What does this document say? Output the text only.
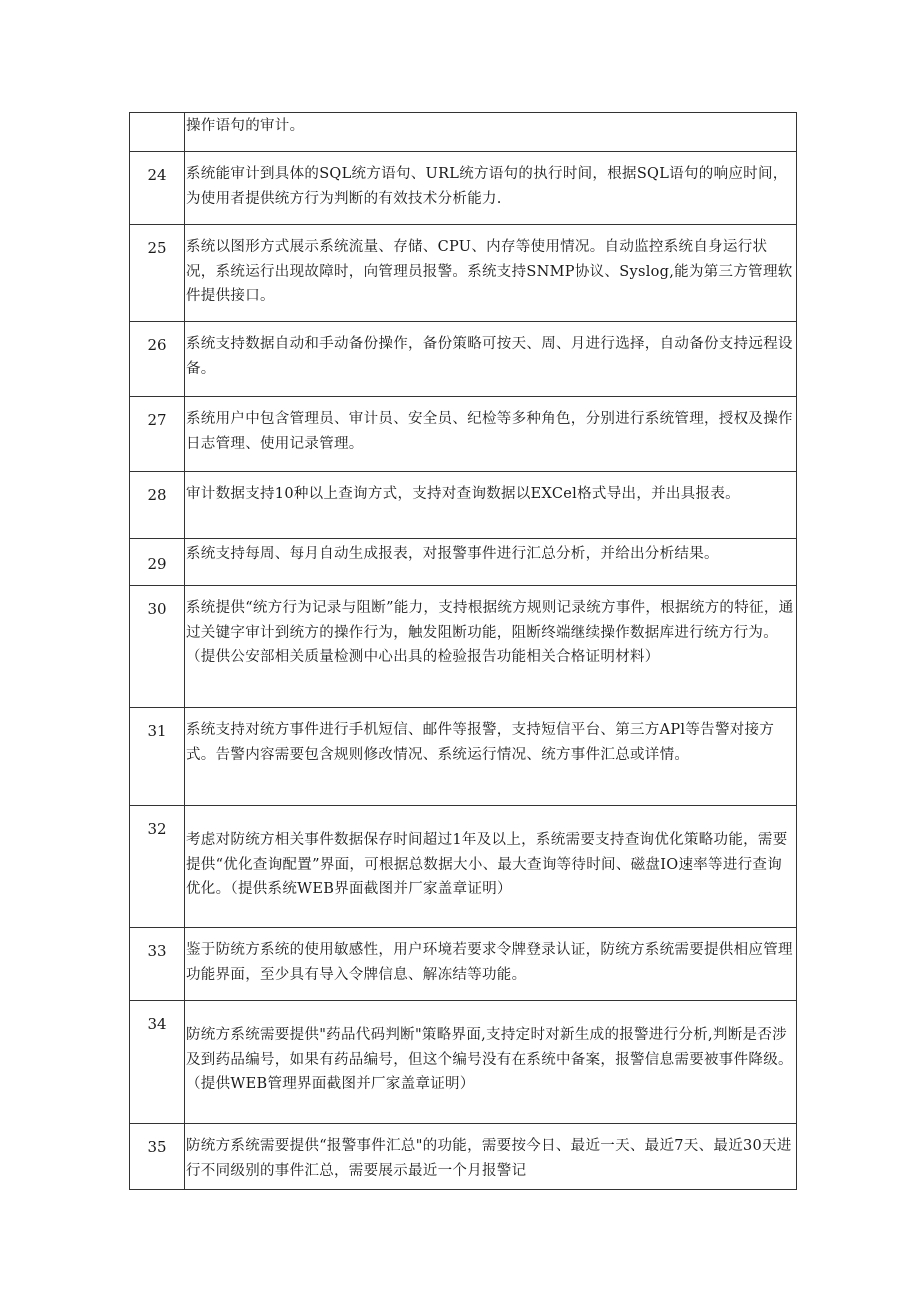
	操作语句的审计。
24	系统能审计到具体的SQL统方语句、URL统方语句的执行时间，根据SQL语句的响应时间，为使用者提供统方行为判断的有效技术分析能力.
25	系统以图形方式展示系统流量、存储、CPU、内存等使用情况。自动监控系统自身运行状况，系统运行出现故障时，向管理员报警。系统支持SNMP协议、Syslog,能为第三方管理软件提供接口。
26	系统支持数据自动和手动备份操作，备份策略可按天、周、月进行选择，自动备份支持远程设备。
27	系统用户中包含管理员、审计员、安全员、纪检等多种角色，分别进行系统管理，授权及操作日志管理、使用记录管理。
28	审计数据支持10种以上查询方式，支持对查询数据以EXCel格式导出，并出具报表。
29	系统支持每周、每月自动生成报表，对报警事件进行汇总分析，并给出分析结果。
30	系统提供“统方行为记录与阻断”能力，支持根据统方规则记录统方事件，根据统方的特征，通过关键字审计到统方的操作行为，触发阻断功能，阻断终端继续操作数据库进行统方行为。（提供公安部相关质量检测中心出具的检验报告功能相关合格证明材料）
31	系统支持对统方事件进行手机短信、邮件等报警，支持短信平台、第三方APl等告警对接方式。告警内容需要包含规则修改情况、系统运行情况、统方事件汇总或详情。
32	考虑对防统方相关事件数据保存时间超过1年及以上，系统需要支持查询优化策略功能，需要提供“优化查询配置”界面，可根据总数据大小、最大查询等待时间、磁盘IO速率等进行查询优化。（提供系统WEB界面截图并厂家盖章证明）
33	鉴于防统方系统的使用敏感性，用户环境若要求令牌登录认证，防统方系统需要提供相应管理功能界面，至少具有导入令牌信息、解冻结等功能。
34	防统方系统需要提供"药品代码判断"策略界面,支持定时对新生成的报警进行分析,判断是否涉及到药品编号，如果有药品编号，但这个编号没有在系统中备案，报警信息需要被事件降级。（提供WEB管理界面截图并厂家盖章证明）
35	防统方系统需要提供“报警事件汇总"的功能，需要按今日、最近一天、最近7天、最近30天进行不同级别的事件汇总，需要展示最近一个月报警记
